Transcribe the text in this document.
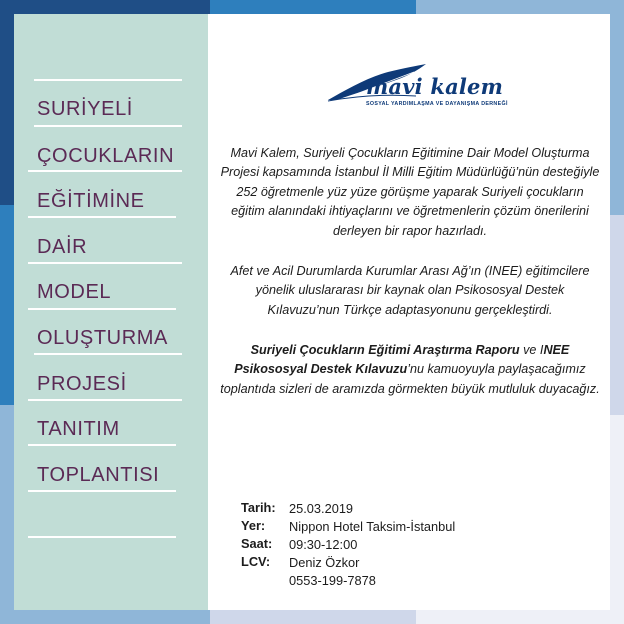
SURİYELİ
ÇOCUKLARIN
EĞİTİMİNE
DAİR
MODEL
OLUŞTURMA
PROJESİ
TANITIM
TOPLANTISI
mavi kalem
SOSYAL YARDIMLAŞMA VE DAYANIŞMA DERNEĞİ
Mavi Kalem, Suriyeli Çocukların Eğitimine Dair Model Oluşturma Projesi kapsamında İstanbul İl Milli Eğitim Müdürlüğü’nün desteğiyle 252 öğretmenle yüz yüze görüşme yaparak Suriyeli çocukların eğitim alanındaki ihtiyaçlarını ve öğretmenlerin çözüm önerilerini derleyen bir rapor hazırladı.
Afet ve Acil Durumlarda Kurumlar Arası Ağ’ın (INEE) eğitimcilere yönelik uluslararası bir kaynak olan Psikososyal Destek Kılavuzu’nun Türkçe adaptasyonunu gerçekleştirdi.
Suriyeli Çocukların Eğitimi Araştırma Raporu ve INEE Psikososyal Destek Kılavuzu’nu kamuoyuyla paylaşacağımız toplantıda sizleri de aramızda görmekten büyük mutluluk duyacağız.
Tarih: 25.03.2019
Yer: Nippon Hotel Taksim-İstanbul
Saat: 09:30-12:00
LCV: Deniz Özkor
0553-199-7878
